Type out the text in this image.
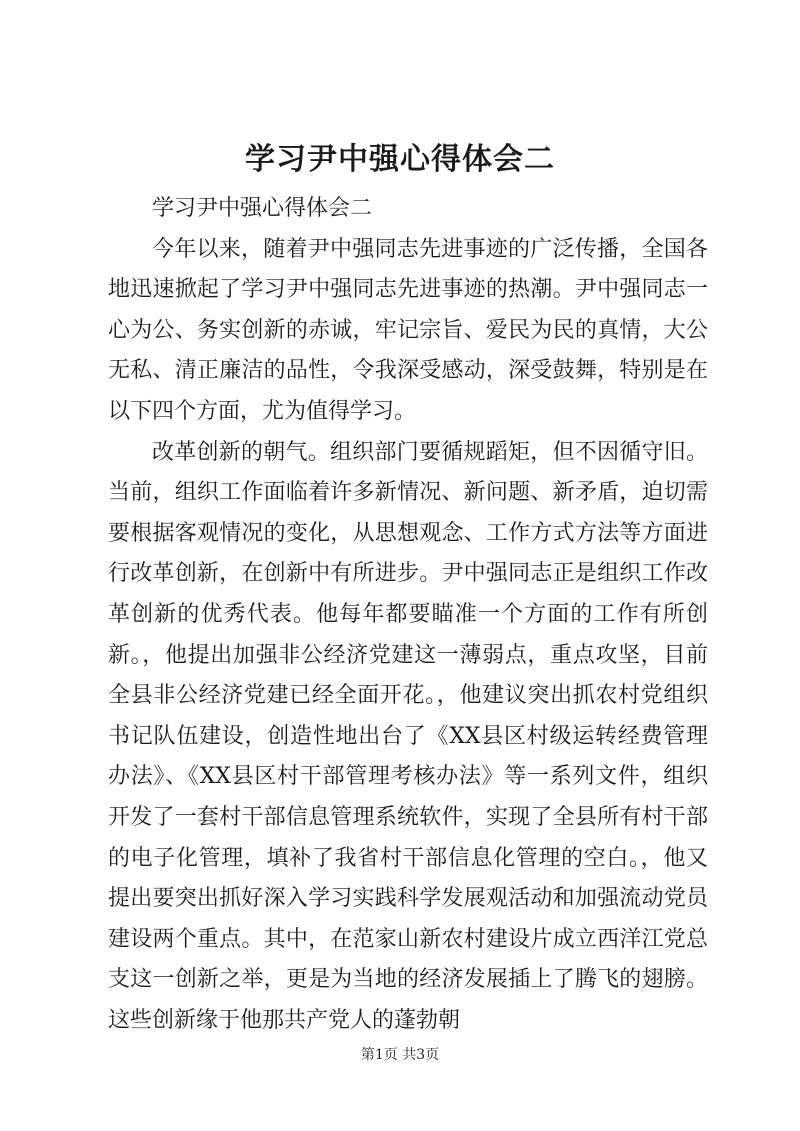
学习尹中强心得体会二

学习尹中强心得体会二

今年以来，随着尹中强同志先进事迹的广泛传播，全国各地迅速掀起了学习尹中强同志先进事迹的热潮。尹中强同志一心为公、务实创新的赤诚，牢记宗旨、爱民为民的真情，大公无私、清正廉洁的品性，令我深受感动，深受鼓舞，特别是在以下四个方面，尤为值得学习。

改革创新的朝气。组织部门要循规蹈矩，但不因循守旧。当前，组织工作面临着许多新情况、新问题、新矛盾，迫切需要根据客观情况的变化，从思想观念、工作方式方法等方面进行改革创新，在创新中有所进步。尹中强同志正是组织工作改革创新的优秀代表。他每年都要瞄准一个方面的工作有所创新。，他提出加强非公经济党建这一薄弱点，重点攻坚，目前全县非公经济党建已经全面开花。，他建议突出抓农村党组织书记队伍建设，创造性地出台了《XX县区村级运转经费管理办法》、《XX县区村干部管理考核办法》等一系列文件，组织开发了一套村干部信息管理系统软件，实现了全县所有村干部的电子化管理，填补了我省村干部信息化管理的空白。，他又提出要突出抓好深入学习实践科学发展观活动和加强流动党员建设两个重点。其中，在范家山新农村建设片成立西洋江党总支这一创新之举，更是为当地的经济发展插上了腾飞的翅膀。这些创新缘于他那共产党人的蓬勃朝

第1页 共3页
